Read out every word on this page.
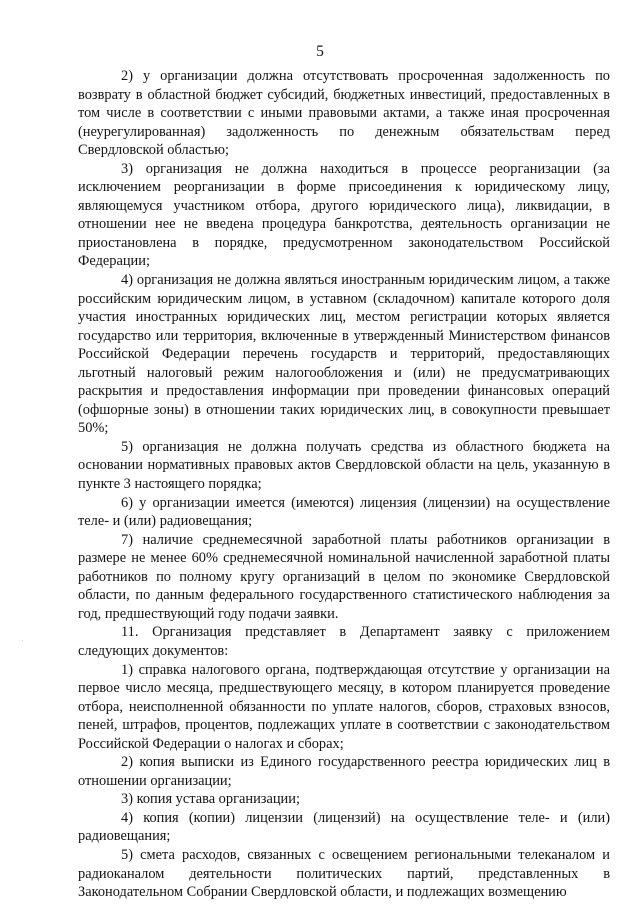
5

2) у организации должна отсутствовать просроченная задолженность по возврату в областной бюджет субсидий, бюджетных инвестиций, предоставленных в том числе в соответствии с иными правовыми актами, а также иная просроченная (неурегулированная) задолженность по денежным обязательствам перед Свердловской областью;

3) организация не должна находиться в процессе реорганизации (за исключением реорганизации в форме присоединения к юридическому лицу, являющемуся участником отбора, другого юридического лица), ликвидации, в отношении нее не введена процедура банкротства, деятельность организации не приостановлена в порядке, предусмотренном законодательством Российской Федерации;

4) организация не должна являться иностранным юридическим лицом, а также российским юридическим лицом, в уставном (складочном) капитале которого доля участия иностранных юридических лиц, местом регистрации которых является государство или территория, включенные в утвержденный Министерством финансов Российской Федерации перечень государств и территорий, предоставляющих льготный налоговый режим налогообложения и (или) не предусматривающих раскрытия и предоставления информации при проведении финансовых операций (офшорные зоны) в отношении таких юридических лиц, в совокупности превышает 50%;

5) организация не должна получать средства из областного бюджета на основании нормативных правовых актов Свердловской области на цель, указанную в пункте 3 настоящего порядка;

6) у организации имеется (имеются) лицензия (лицензии) на осуществление теле- и (или) радиовещания;

7) наличие среднемесячной заработной платы работников организации в размере не менее 60% среднемесячной номинальной начисленной заработной платы работников по полному кругу организаций в целом по экономике Свердловской области, по данным федерального государственного статистического наблюдения за год, предшествующий году подачи заявки.

11. Организация представляет в Департамент заявку с приложением следующих документов:

1) справка налогового органа, подтверждающая отсутствие у организации на первое число месяца, предшествующего месяцу, в котором планируется проведение отбора, неисполненной обязанности по уплате налогов, сборов, страховых взносов, пеней, штрафов, процентов, подлежащих уплате в соответствии с законодательством Российской Федерации о налогах и сборах;

2) копия выписки из Единого государственного реестра юридических лиц в отношении организации;

3) копия устава организации;

4) копия (копии) лицензии (лицензий) на осуществление теле- и (или) радиовещания;

5) смета расходов, связанных с освещением региональными телеканалом и радиоканалом деятельности политических партий, представленных в Законодательном Собрании Свердловской области, и подлежащих возмещению
